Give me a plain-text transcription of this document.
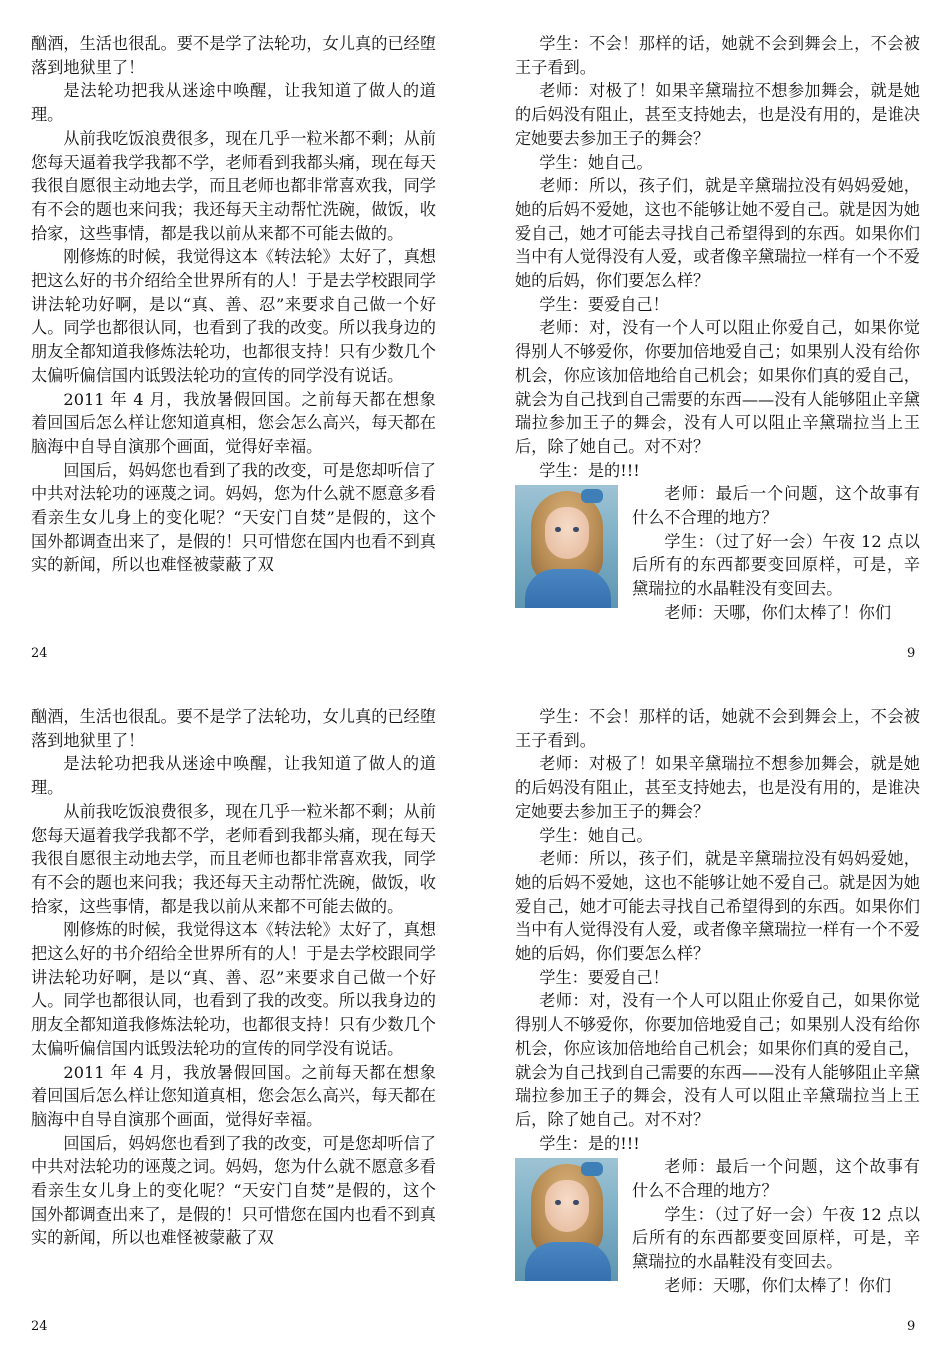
酗酒，生活也很乱。要不是学了法轮功，女儿真的已经堕落到地狱里了！

是法轮功把我从迷途中唤醒，让我知道了做人的道理。

从前我吃饭浪费很多，现在几乎一粒米都不剩；从前您每天逼着我学我都不学，老师看到我都头痛，现在每天我很自愿很主动地去学，而且老师也都非常喜欢我，同学有不会的题也来问我；我还每天主动帮忙洗碗，做饭，收拾家，这些事情，都是我以前从来都不可能去做的。

刚修炼的时候，我觉得这本《转法轮》太好了，真想把这么好的书介绍给全世界所有的人！于是去学校跟同学讲法轮功好啊，是以“真、善、忍”来要求自己做一个好人。同学也都很认同，也看到了我的改变。所以我身边的朋友全都知道我修炼法轮功，也都很支持！只有少数几个太偏听偏信国内诋毁法轮功的宣传的同学没有说话。

2011 年 4 月，我放暑假回国。之前每天都在想象着回国后怎么样让您知道真相，您会怎么高兴，每天都在脑海中自导自演那个画面，觉得好幸福。

回国后，妈妈您也看到了我的改变，可是您却听信了中共对法轮功的诬蔑之词。妈妈，您为什么就不愿意多看看亲生女儿身上的变化呢？“天安门自焚”是假的，这个国外都调查出来了，是假的！只可惜您在国内也看不到真实的新闻，所以也难怪被蒙蔽了双

24

学生：不会！那样的话，她就不会到舞会上，不会被王子看到。

老师：对极了！如果辛黛瑞拉不想参加舞会，就是她的后妈没有阻止，甚至支持她去，也是没有用的，是谁决定她要去参加王子的舞会？

学生：她自己。

老师：所以，孩子们，就是辛黛瑞拉没有妈妈爱她，她的后妈不爱她，这也不能够让她不爱自己。就是因为她爱自己，她才可能去寻找自己希望得到的东西。如果你们当中有人觉得没有人爱，或者像辛黛瑞拉一样有一个不爱她的后妈，你们要怎么样？

学生：要爱自己！

老师：对，没有一个人可以阻止你爱自己，如果你觉得别人不够爱你，你要加倍地爱自己；如果别人没有给你机会，你应该加倍地给自己机会；如果你们真的爱自己，就会为自己找到自己需要的东西——没有人能够阻止辛黛瑞拉参加王子的舞会，没有人可以阻止辛黛瑞拉当上王后，除了她自己。对不对？

学生：是的!!!

老师：最后一个问题，这个故事有什么不合理的地方？

学生：（过了好一会）午夜 12 点以后所有的东西都要变回原样，可是，辛黛瑞拉的水晶鞋没有变回去。

老师：天哪，你们太棒了！你们

9

酗酒，生活也很乱。要不是学了法轮功，女儿真的已经堕落到地狱里了！

是法轮功把我从迷途中唤醒，让我知道了做人的道理。

从前我吃饭浪费很多，现在几乎一粒米都不剩；从前您每天逼着我学我都不学，老师看到我都头痛，现在每天我很自愿很主动地去学，而且老师也都非常喜欢我，同学有不会的题也来问我；我还每天主动帮忙洗碗，做饭，收拾家，这些事情，都是我以前从来都不可能去做的。

刚修炼的时候，我觉得这本《转法轮》太好了，真想把这么好的书介绍给全世界所有的人！于是去学校跟同学讲法轮功好啊，是以“真、善、忍”来要求自己做一个好人。同学也都很认同，也看到了我的改变。所以我身边的朋友全都知道我修炼法轮功，也都很支持！只有少数几个太偏听偏信国内诋毁法轮功的宣传的同学没有说话。

2011 年 4 月，我放暑假回国。之前每天都在想象着回国后怎么样让您知道真相，您会怎么高兴，每天都在脑海中自导自演那个画面，觉得好幸福。

回国后，妈妈您也看到了我的改变，可是您却听信了中共对法轮功的诬蔑之词。妈妈，您为什么就不愿意多看看亲生女儿身上的变化呢？“天安门自焚”是假的，这个国外都调查出来了，是假的！只可惜您在国内也看不到真实的新闻，所以也难怪被蒙蔽了双

24

学生：不会！那样的话，她就不会到舞会上，不会被王子看到。

老师：对极了！如果辛黛瑞拉不想参加舞会，就是她的后妈没有阻止，甚至支持她去，也是没有用的，是谁决定她要去参加王子的舞会？

学生：她自己。

老师：所以，孩子们，就是辛黛瑞拉没有妈妈爱她，她的后妈不爱她，这也不能够让她不爱自己。就是因为她爱自己，她才可能去寻找自己希望得到的东西。如果你们当中有人觉得没有人爱，或者像辛黛瑞拉一样有一个不爱她的后妈，你们要怎么样？

学生：要爱自己！

老师：对，没有一个人可以阻止你爱自己，如果你觉得别人不够爱你，你要加倍地爱自己；如果别人没有给你机会，你应该加倍地给自己机会；如果你们真的爱自己，就会为自己找到自己需要的东西——没有人能够阻止辛黛瑞拉参加王子的舞会，没有人可以阻止辛黛瑞拉当上王后，除了她自己。对不对？

学生：是的!!!

老师：最后一个问题，这个故事有什么不合理的地方？

学生：（过了好一会）午夜 12 点以后所有的东西都要变回原样，可是，辛黛瑞拉的水晶鞋没有变回去。

老师：天哪，你们太棒了！你们

9
